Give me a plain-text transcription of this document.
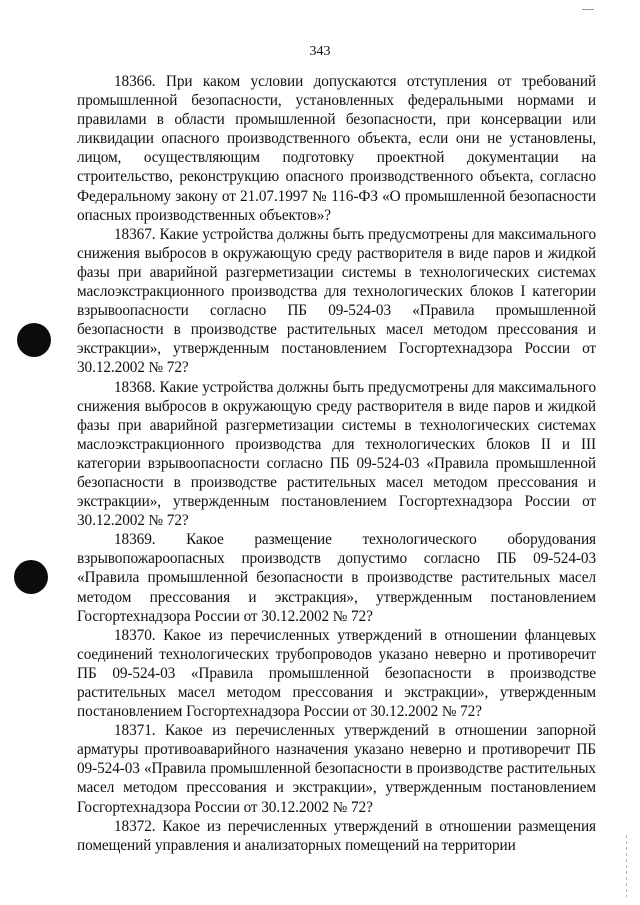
343

18366. При каком условии допускаются отступления от требований промышленной безопасности, установленных федеральными нормами и правилами в области промышленной безопасности, при консервации или ликвидации опасного производственного объекта, если они не установлены, лицом, осуществляющим подготовку проектной документации на строительство, реконструкцию опасного производственного объекта, согласно Федеральному закону от 21.07.1997 № 116-ФЗ «О промышленной безопасности опасных производственных объектов»?

18367. Какие устройства должны быть предусмотрены для максимального снижения выбросов в окружающую среду растворителя в виде паров и жидкой фазы при аварийной разгерметизации системы в технологических системах маслоэкстракционного производства для технологических блоков I категории взрывоопасности согласно ПБ 09-524-03 «Правила промышленной безопасности в производстве растительных масел методом прессования и экстракции», утвержденным постановлением Госгортехнадзора России от 30.12.2002 № 72?

18368. Какие устройства должны быть предусмотрены для максимального снижения выбросов в окружающую среду растворителя в виде паров и жидкой фазы при аварийной разгерметизации системы в технологических системах маслоэкстракционного производства для технологических блоков II и III категории взрывоопасности согласно ПБ 09-524-03 «Правила промышленной безопасности в производстве растительных масел методом прессования и экстракции», утвержденным постановлением Госгортехнадзора России от 30.12.2002 № 72?

18369. Какое размещение технологического оборудования взрывопожароопасных производств допустимо согласно ПБ 09-524-03 «Правила промышленной безопасности в производстве растительных масел методом прессования и экстракция», утвержденным постановлением Госгортехнадзора России от 30.12.2002 № 72?

18370. Какое из перечисленных утверждений в отношении фланцевых соединений технологических трубопроводов указано неверно и противоречит ПБ 09-524-03 «Правила промышленной безопасности в производстве растительных масел методом прессования и экстракции», утвержденным постановлением Госгортехнадзора России от 30.12.2002 № 72?

18371. Какое из перечисленных утверждений в отношении запорной арматуры противоаварийного назначения указано неверно и противоречит ПБ 09-524-03 «Правила промышленной безопасности в производстве растительных масел методом прессования и экстракции», утвержденным постановлением Госгортехнадзора России от 30.12.2002 № 72?

18372. Какое из перечисленных утверждений в отношении размещения помещений управления и анализаторных помещений на территории
